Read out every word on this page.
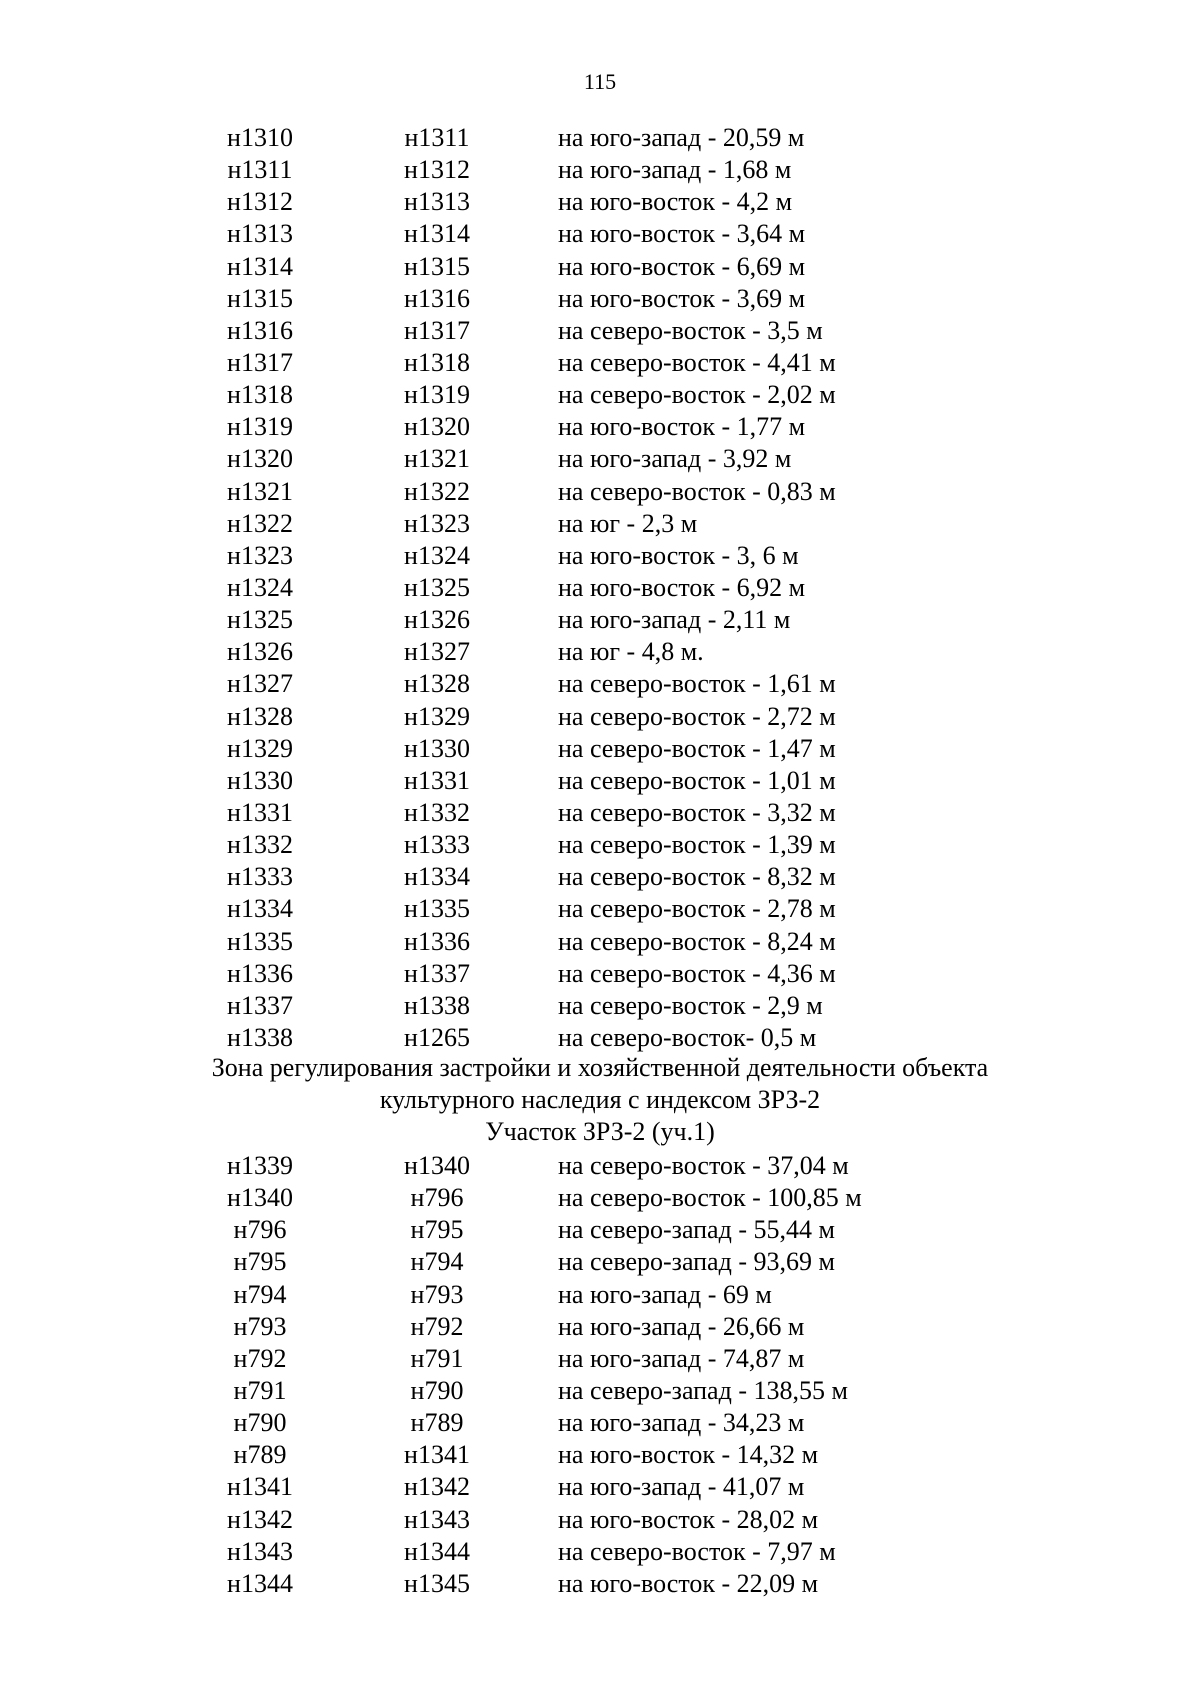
115
н1310	н1311	на юго-запад - 20,59 м
н1311	н1312	на юго-запад - 1,68 м
н1312	н1313	на юго-восток - 4,2 м
н1313	н1314	на юго-восток - 3,64 м
н1314	н1315	на юго-восток - 6,69 м
н1315	н1316	на юго-восток - 3,69 м
н1316	н1317	на северо-восток - 3,5 м
н1317	н1318	на северо-восток - 4,41 м
н1318	н1319	на северо-восток - 2,02 м
н1319	н1320	на юго-восток - 1,77 м
н1320	н1321	на юго-запад - 3,92 м
н1321	н1322	на северо-восток - 0,83 м
н1322	н1323	на юг - 2,3 м
н1323	н1324	на юго-восток - 3, 6 м
н1324	н1325	на юго-восток - 6,92 м
н1325	н1326	на юго-запад - 2,11 м
н1326	н1327	на юг - 4,8 м.
н1327	н1328	на северо-восток - 1,61 м
н1328	н1329	на северо-восток - 2,72 м
н1329	н1330	на северо-восток - 1,47 м
н1330	н1331	на северо-восток - 1,01 м
н1331	н1332	на северо-восток - 3,32 м
н1332	н1333	на северо-восток - 1,39 м
н1333	н1334	на северо-восток - 8,32 м
н1334	н1335	на северо-восток - 2,78 м
н1335	н1336	на северо-восток - 8,24 м
н1336	н1337	на северо-восток - 4,36 м
н1337	н1338	на северо-восток - 2,9 м
н1338	н1265	на северо-восток- 0,5 м
Зона регулирования застройки и хозяйственной деятельности объекта
культурного наследия с индексом ЗРЗ-2
Участок ЗРЗ-2 (уч.1)
н1339	н1340	на северо-восток - 37,04 м
н1340	н796	на северо-восток - 100,85 м
н796	н795	на северо-запад - 55,44 м
н795	н794	на северо-запад - 93,69 м
н794	н793	на юго-запад - 69 м
н793	н792	на юго-запад - 26,66 м
н792	н791	на юго-запад - 74,87 м
н791	н790	на северо-запад - 138,55 м
н790	н789	на юго-запад - 34,23 м
н789	н1341	на юго-восток - 14,32 м
н1341	н1342	на юго-запад - 41,07 м
н1342	н1343	на юго-восток - 28,02 м
н1343	н1344	на северо-восток - 7,97 м
н1344	н1345	на юго-восток - 22,09 м
